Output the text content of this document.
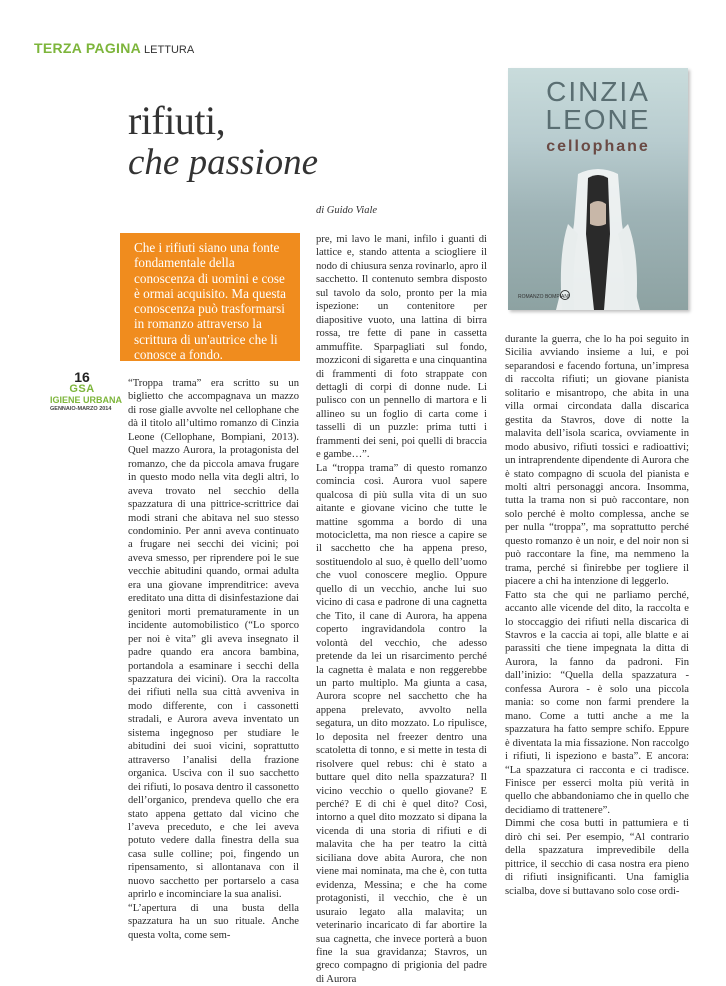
TERZA PAGINA LETTURA
rifiuti,
che passione
di Guido Viale
Che i rifiuti siano una fonte fondamentale della conoscenza di uomini e cose è ormai acquisito. Ma questa conoscenza può trasformarsi in romanzo attraverso la scrittura di un'autrice che li conosce a fondo.
16
GSA
IGIENE URBANA
GENNAIO-MARZO 2014

“Troppa trama” era scritto su un biglietto che accompagnava un mazzo di rose gialle avvolte nel cellophane che dà il titolo all’ultimo romanzo di Cinzia Leone (Cellophane, Bompiani, 2013). Quel mazzo Aurora, la protagonista del romanzo, che da piccola amava frugare in questo modo nella vita degli altri, lo aveva trovato nel secchio della spazzatura di una pittrice-scrittrice dai modi strani che abitava nel suo stesso condominio. Per anni aveva continuato a frugare nei secchi dei vicini; poi aveva smesso, per riprendere poi le sue vecchie abitudini quando, ormai adulta era una giovane imprenditrice: aveva ereditato una ditta di disinfestazione dai genitori morti prematuramente in un incidente automobilistico (“Lo sporco per noi è vita” gli aveva insegnato il padre quando era ancora bambina, portandola a esaminare i secchi della spazzatura dei vicini). Ora la raccolta dei rifiuti nella sua città avveniva in modo differente, con i cassonetti stradali, e Aurora aveva inventato un sistema ingegnoso per studiare le abitudini dei suoi vicini, soprattutto attraverso l’analisi della frazione organica. Usciva con il suo sacchetto dei rifiuti, lo posava dentro il cassonetto dell’organico, prendeva quello che era stato appena gettato dal vicino che l’aveva preceduto, e che lei aveva potuto vedere dalla finestra della sua casa sulle colline; poi, fingendo un ripensamento, si allontanava con il nuovo sacchetto per portarselo a casa aprirlo e incominciare la sua analisi.

“L’apertura di una busta della spazzatura ha un suo rituale. Anche questa volta, come sem-

pre, mi lavo le mani, infilo i guanti di lattice e, stando attenta a sciogliere il nodo di chiusura senza rovinarlo, apro il sacchetto. Il contenuto sembra disposto sul tavolo da solo, pronto per la mia ispezione: un contenitore per diapositive vuoto, una lattina di birra rossa, tre fette di pane in cassetta ammuffite. Sparpagliati sul fondo, mozziconi di sigaretta e una cinquantina di frammenti di foto strappate con dettagli di corpi di donne nude. Li pulisco con un pennello di martora e li allineo su un foglio di carta come i tasselli di un puzzle: prima tutti i frammenti dei seni, poi quelli di braccia e gambe…”.

La “troppa trama” di questo romanzo comincia così. Aurora vuol sapere qualcosa di più sulla vita di un suo aitante e giovane vicino che tutte le mattine sgomma a bordo di una motocicletta, ma non riesce a capire se il sacchetto che ha appena preso, sostituendolo al suo, è quello dell’uomo che vuol conoscere meglio. Oppure quello di un vecchio, anche lui suo vicino di casa e padrone di una cagnetta che Tito, il cane di Aurora, ha appena coperto ingravidandola contro la volontà del vecchio, che adesso pretende da lei un risarcimento perché la cagnetta è malata e non reggerebbe un parto multiplo. Ma giunta a casa, Aurora scopre nel sacchetto che ha appena prelevato, avvolto nella segatura, un dito mozzato. Lo ripulisce, lo deposita nel freezer dentro una scatoletta di tonno, e si mette in testa di risolvere quel rebus: chi è stato a buttare quel dito nella spazzatura? Il vicino vecchio o quello giovane? E perché? E di chi è quel dito? Così, intorno a quel dito mozzato si dipana la vicenda di una storia di rifiuti e di malavita che ha per teatro la città siciliana dove abita Aurora, che non viene mai nominata, ma che è, con tutta evidenza, Messina; e che ha come protagonisti, il vecchio, che è un usuraio legato alla malavita; un veterinario incaricato di far abortire la sua cagnetta, che invece porterà a buon fine la sua gravidanza; Stavros, un greco compagno di prigionia del padre di Aurora

CINZIA
LEONE
cellophane
ROMANZO BOMPIANI

durante la guerra, che lo ha poi seguito in Sicilia avviando insieme a lui, e poi separandosi e facendo fortuna, un’impresa di raccolta rifiuti; un giovane pianista solitario e misantropo, che abita in una villa ormai circondata dalla discarica gestita da Stavros, dove di notte la malavita dell’isola scarica, ovviamente in modo abusivo, rifiuti tossici e radioattivi; un intraprendente dipendente di Aurora che è stato compagno di scuola del pianista e molti altri personaggi ancora. Insomma, tutta la trama non si può raccontare, non solo perché è molto complessa, anche se per nulla “troppa”, ma soprattutto perché questo romanzo è un noir, e del noir non si può raccontare la fine, ma nemmeno la trama, perché si finirebbe per togliere il piacere a chi ha intenzione di leggerlo.

Fatto sta che qui ne parliamo perché, accanto alle vicende del dito, la raccolta e lo stoccaggio dei rifiuti nella discarica di Stavros e la caccia ai topi, alle blatte e ai parassiti che tiene impegnata la ditta di Aurora, la fanno da padroni. Fin dall’inizio: “Quella della spazzatura - confessa Aurora - è solo una piccola mania: so come non farmi prendere la mano. Come a tutti anche a me la spazzatura ha fatto sempre schifo. Eppure è diventata la mia fissazione. Non raccolgo i rifiuti, li ispeziono e basta”. E ancora: “La spazzatura ci racconta e ci tradisce. Finisce per esserci molta più verità in quello che abbandoniamo che in quello che decidiamo di trattenere”.

Dimmi che cosa butti in pattumiera e ti dirò chi sei. Per esempio, “Al contrario della spazzatura imprevedibile della pittrice, il secchio di casa nostra era pieno di rifiuti insignificanti. Una famiglia scialba, dove si buttavano solo cose ordi-
